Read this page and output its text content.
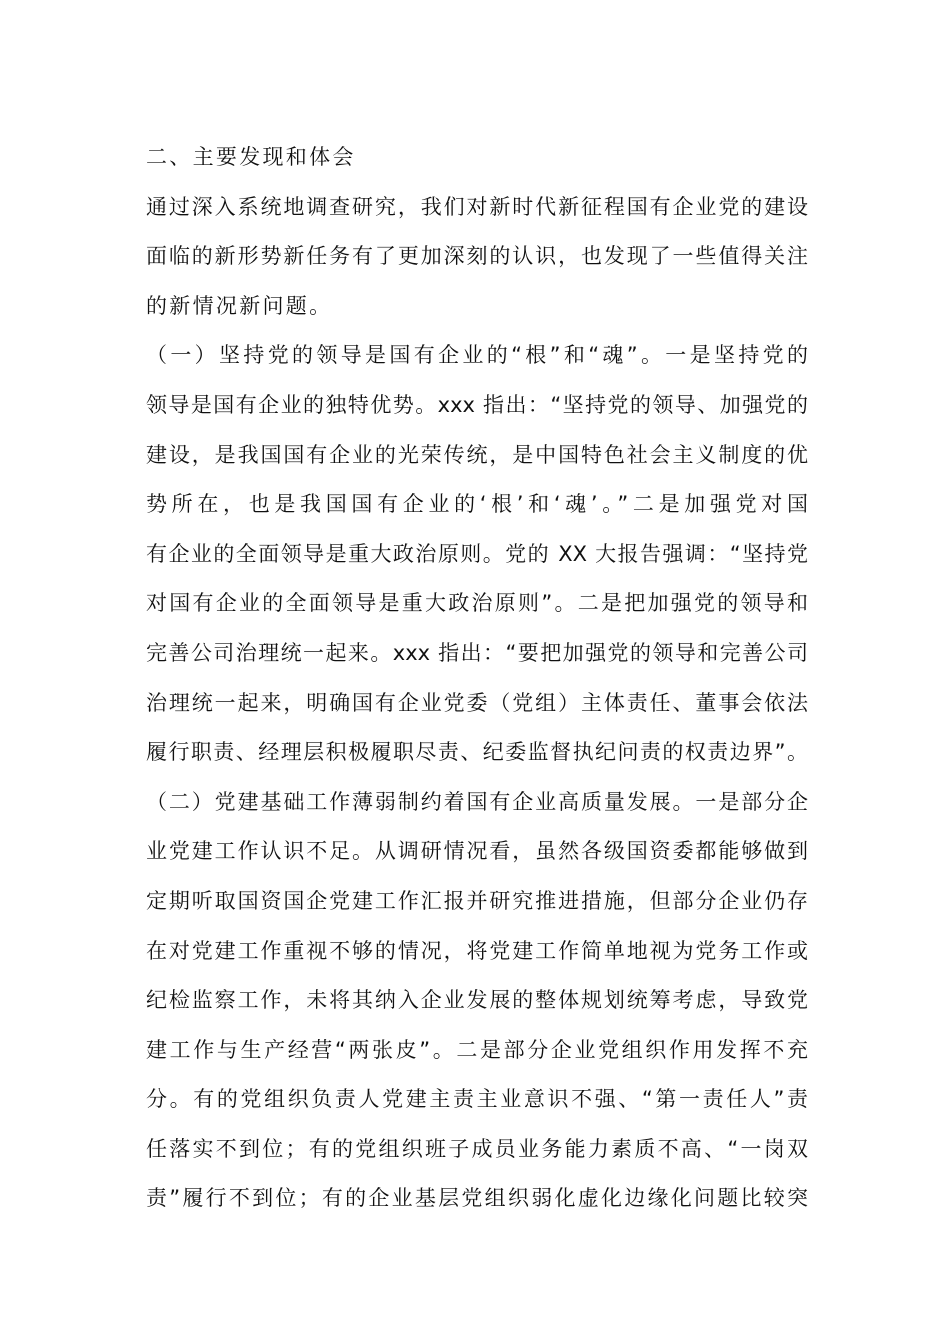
二、主要发现和体会
通过深入系统地调查研究，我们对新时代新征程国有企业党的建设
面临的新形势新任务有了更加深刻的认识，也发现了一些值得关注
的新情况新问题。
（一）坚持党的领导是国有企业的“根”和“魂”。一是坚持党的
领导是国有企业的独特优势。xxx 指出：“坚持党的领导、加强党的
建设，是我国国有企业的光荣传统，是中国特色社会主义制度的优
势所在，也是我国国有企业的‘根’和‘魂’。”二是加强党对国
有企业的全面领导是重大政治原则。党的 XX 大报告强调：“坚持党
对国有企业的全面领导是重大政治原则”。二是把加强党的领导和
完善公司治理统一起来。xxx 指出：“要把加强党的领导和完善公司
治理统一起来，明确国有企业党委（党组）主体责任、董事会依法
履行职责、经理层积极履职尽责、纪委监督执纪问责的权责边界”。
（二）党建基础工作薄弱制约着国有企业高质量发展。一是部分企
业党建工作认识不足。从调研情况看，虽然各级国资委都能够做到
定期听取国资国企党建工作汇报并研究推进措施，但部分企业仍存
在对党建工作重视不够的情况，将党建工作简单地视为党务工作或
纪检监察工作，未将其纳入企业发展的整体规划统筹考虑，导致党
建工作与生产经营“两张皮”。二是部分企业党组织作用发挥不充
分。有的党组织负责人党建主责主业意识不强、“第一责任人”责
任落实不到位；有的党组织班子成员业务能力素质不高、“一岗双
责”履行不到位；有的企业基层党组织弱化虚化边缘化问题比较突
